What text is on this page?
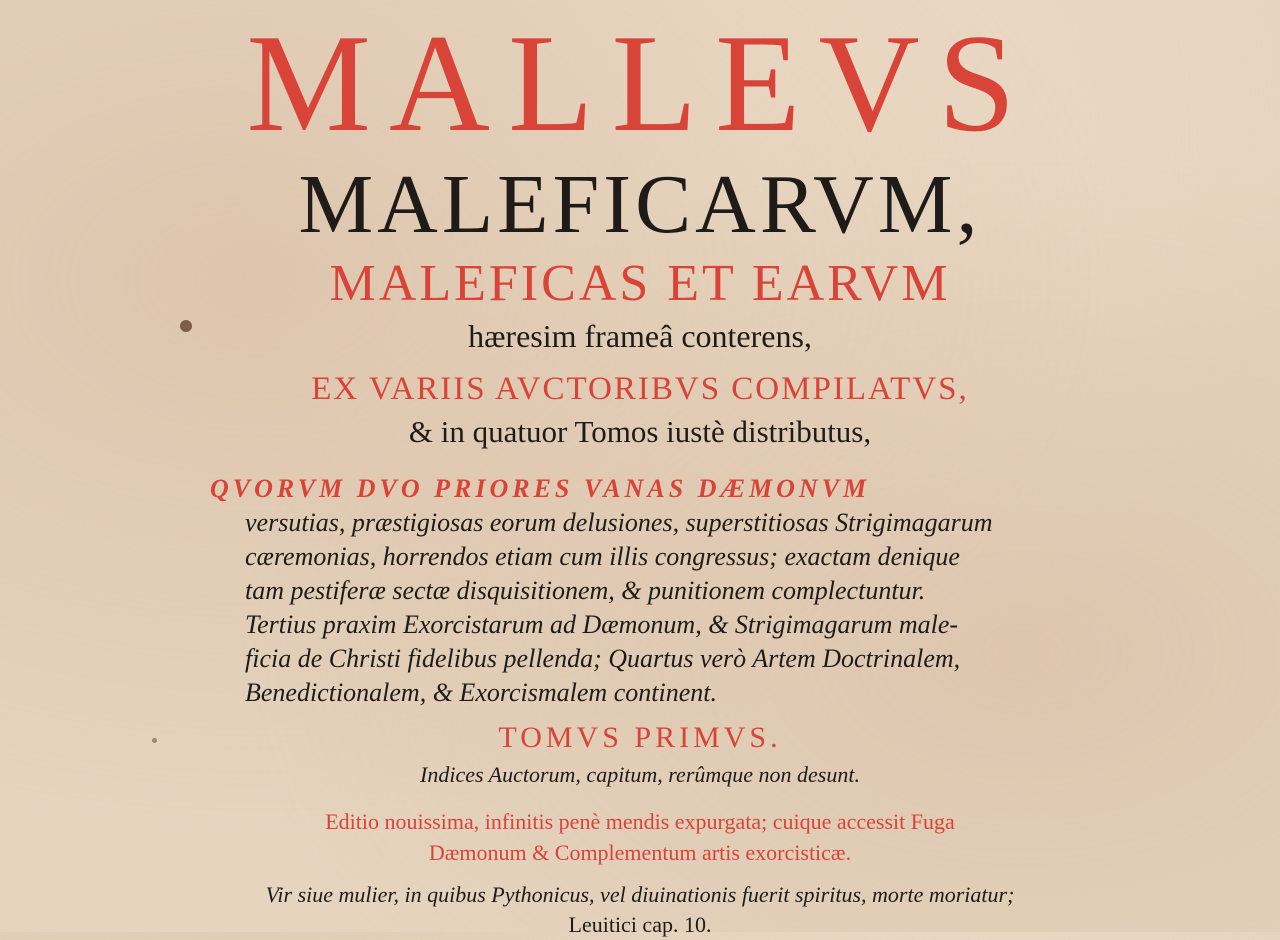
MALLEVS
MALEFICARVM,
MALEFICAS ET EARVM
hæresim frameâ conterens,
EX VARIIS AVCTORIBVS COMPILATVS,
& in quatuor Tomos iustè distributus,
QVORVM DVO PRIORES VANAS DÆMONVM
versutias, præstigiosas eorum delusiones, superstitiosas Strigimagarum
cæremonias, horrendos etiam cum illis congressus; exactam denique
tam pestiferæ sectæ disquisitionem, & punitionem complectuntur.
Tertius praxim Exorcistarum ad Dæmonum, & Strigimagarum male-
ficia de Christi fidelibus pellenda; Quartus verò Artem Doctrinalem,
Benedictionalem, & Exorcismalem continent.
TOMVS PRIMVS.
Indices Auctorum, capitum, rerûmque non desunt.
Editio nouissima, infinitis penè mendis expurgata; cuique accessit Fuga
Dæmonum & Complementum artis exorcisticæ.
Vir siue mulier, in quibus Pythonicus, vel diuinationis fuerit spiritus, morte moriatur;
Leuitici cap. 10.
